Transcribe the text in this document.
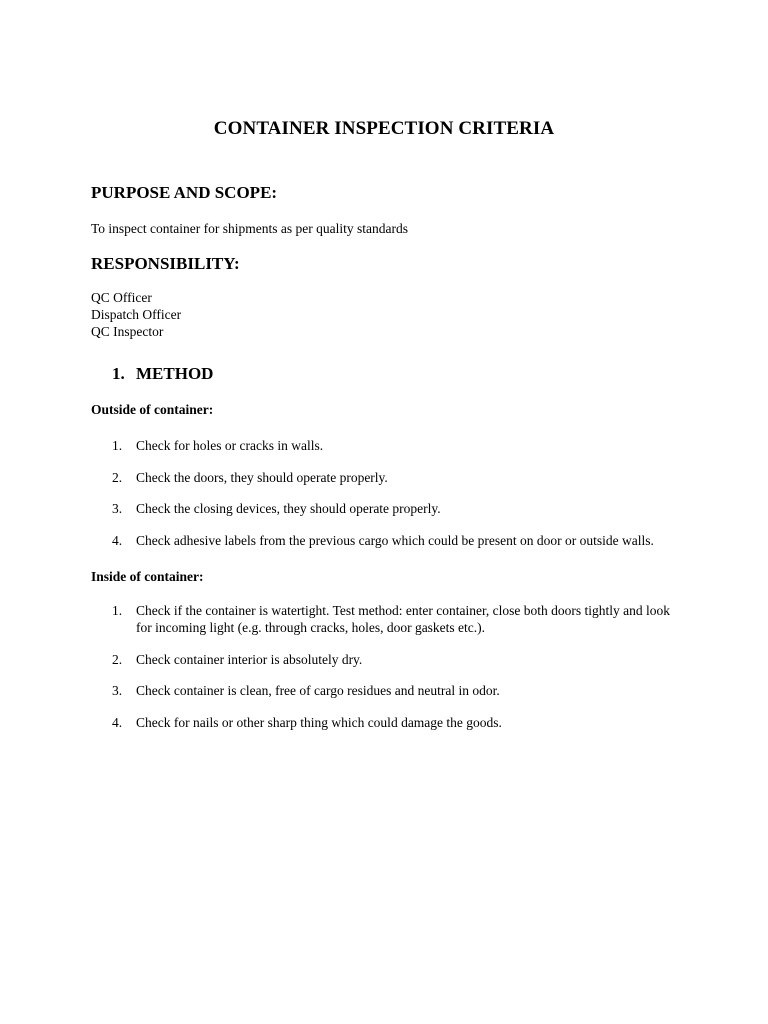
CONTAINER INSPECTION CRITERIA
PURPOSE AND SCOPE:

To inspect container for shipments as per quality standards

RESPONSIBILITY:
QC Officer
Dispatch Officer
QC Inspector
1. METHOD
Outside of container:
1. Check for holes or cracks in walls.
2. Check the doors, they should operate properly.
3. Check the closing devices, they should operate properly.
4. Check adhesive labels from the previous cargo which could be present on door or outside walls.
Inside of container:
1. Check if the container is watertight. Test method: enter container, close both doors tightly and look for incoming light (e.g. through cracks, holes, door gaskets etc.).
2. Check container interior is absolutely dry.
3. Check container is clean, free of cargo residues and neutral in odor.
4. Check for nails or other sharp thing which could damage the goods.
